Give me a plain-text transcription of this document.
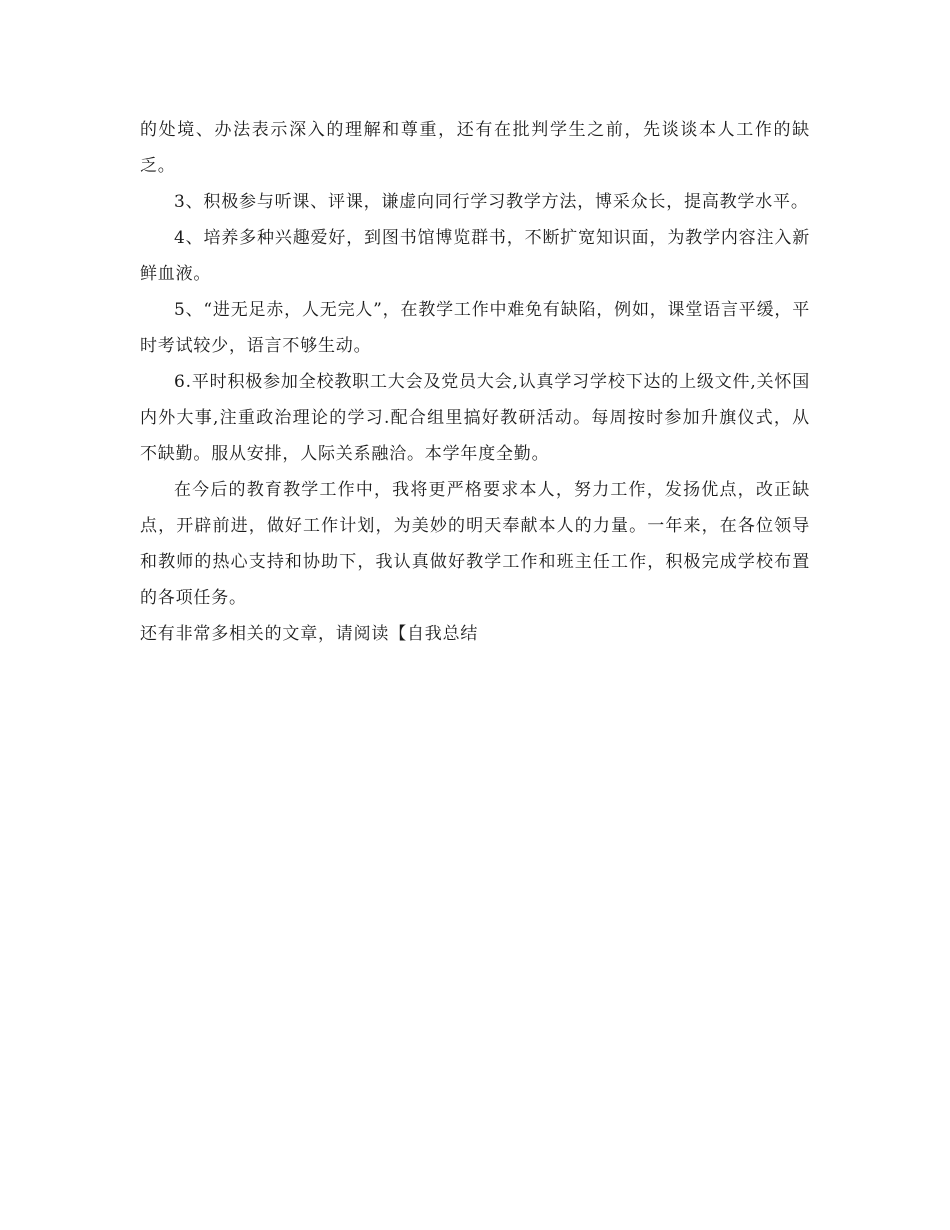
的处境、办法表示深入的理解和尊重，还有在批判学生之前，先谈谈本人工作的缺乏。

3、积极参与听课、评课，谦虚向同行学习教学方法，博采众长，提高教学水平。

4、培养多种兴趣爱好，到图书馆博览群书，不断扩宽知识面，为教学内容注入新鲜血液。

5、“进无足赤，人无完人”，在教学工作中难免有缺陷，例如，课堂语言平缓，平时考试较少，语言不够生动。

6.平时积极参加全校教职工大会及党员大会,认真学习学校下达的上级文件,关怀国内外大事,注重政治理论的学习.配合组里搞好教研活动。每周按时参加升旗仪式，从不缺勤。服从安排，人际关系融洽。本学年度全勤。

在今后的教育教学工作中，我将更严格要求本人，努力工作，发扬优点，改正缺点，开辟前进，做好工作计划，为美妙的明天奉献本人的力量。一年来，在各位领导和教师的热心支持和协助下，我认真做好教学工作和班主任工作，积极完成学校布置的各项任务。

还有非常多相关的文章，请阅读【自我总结
